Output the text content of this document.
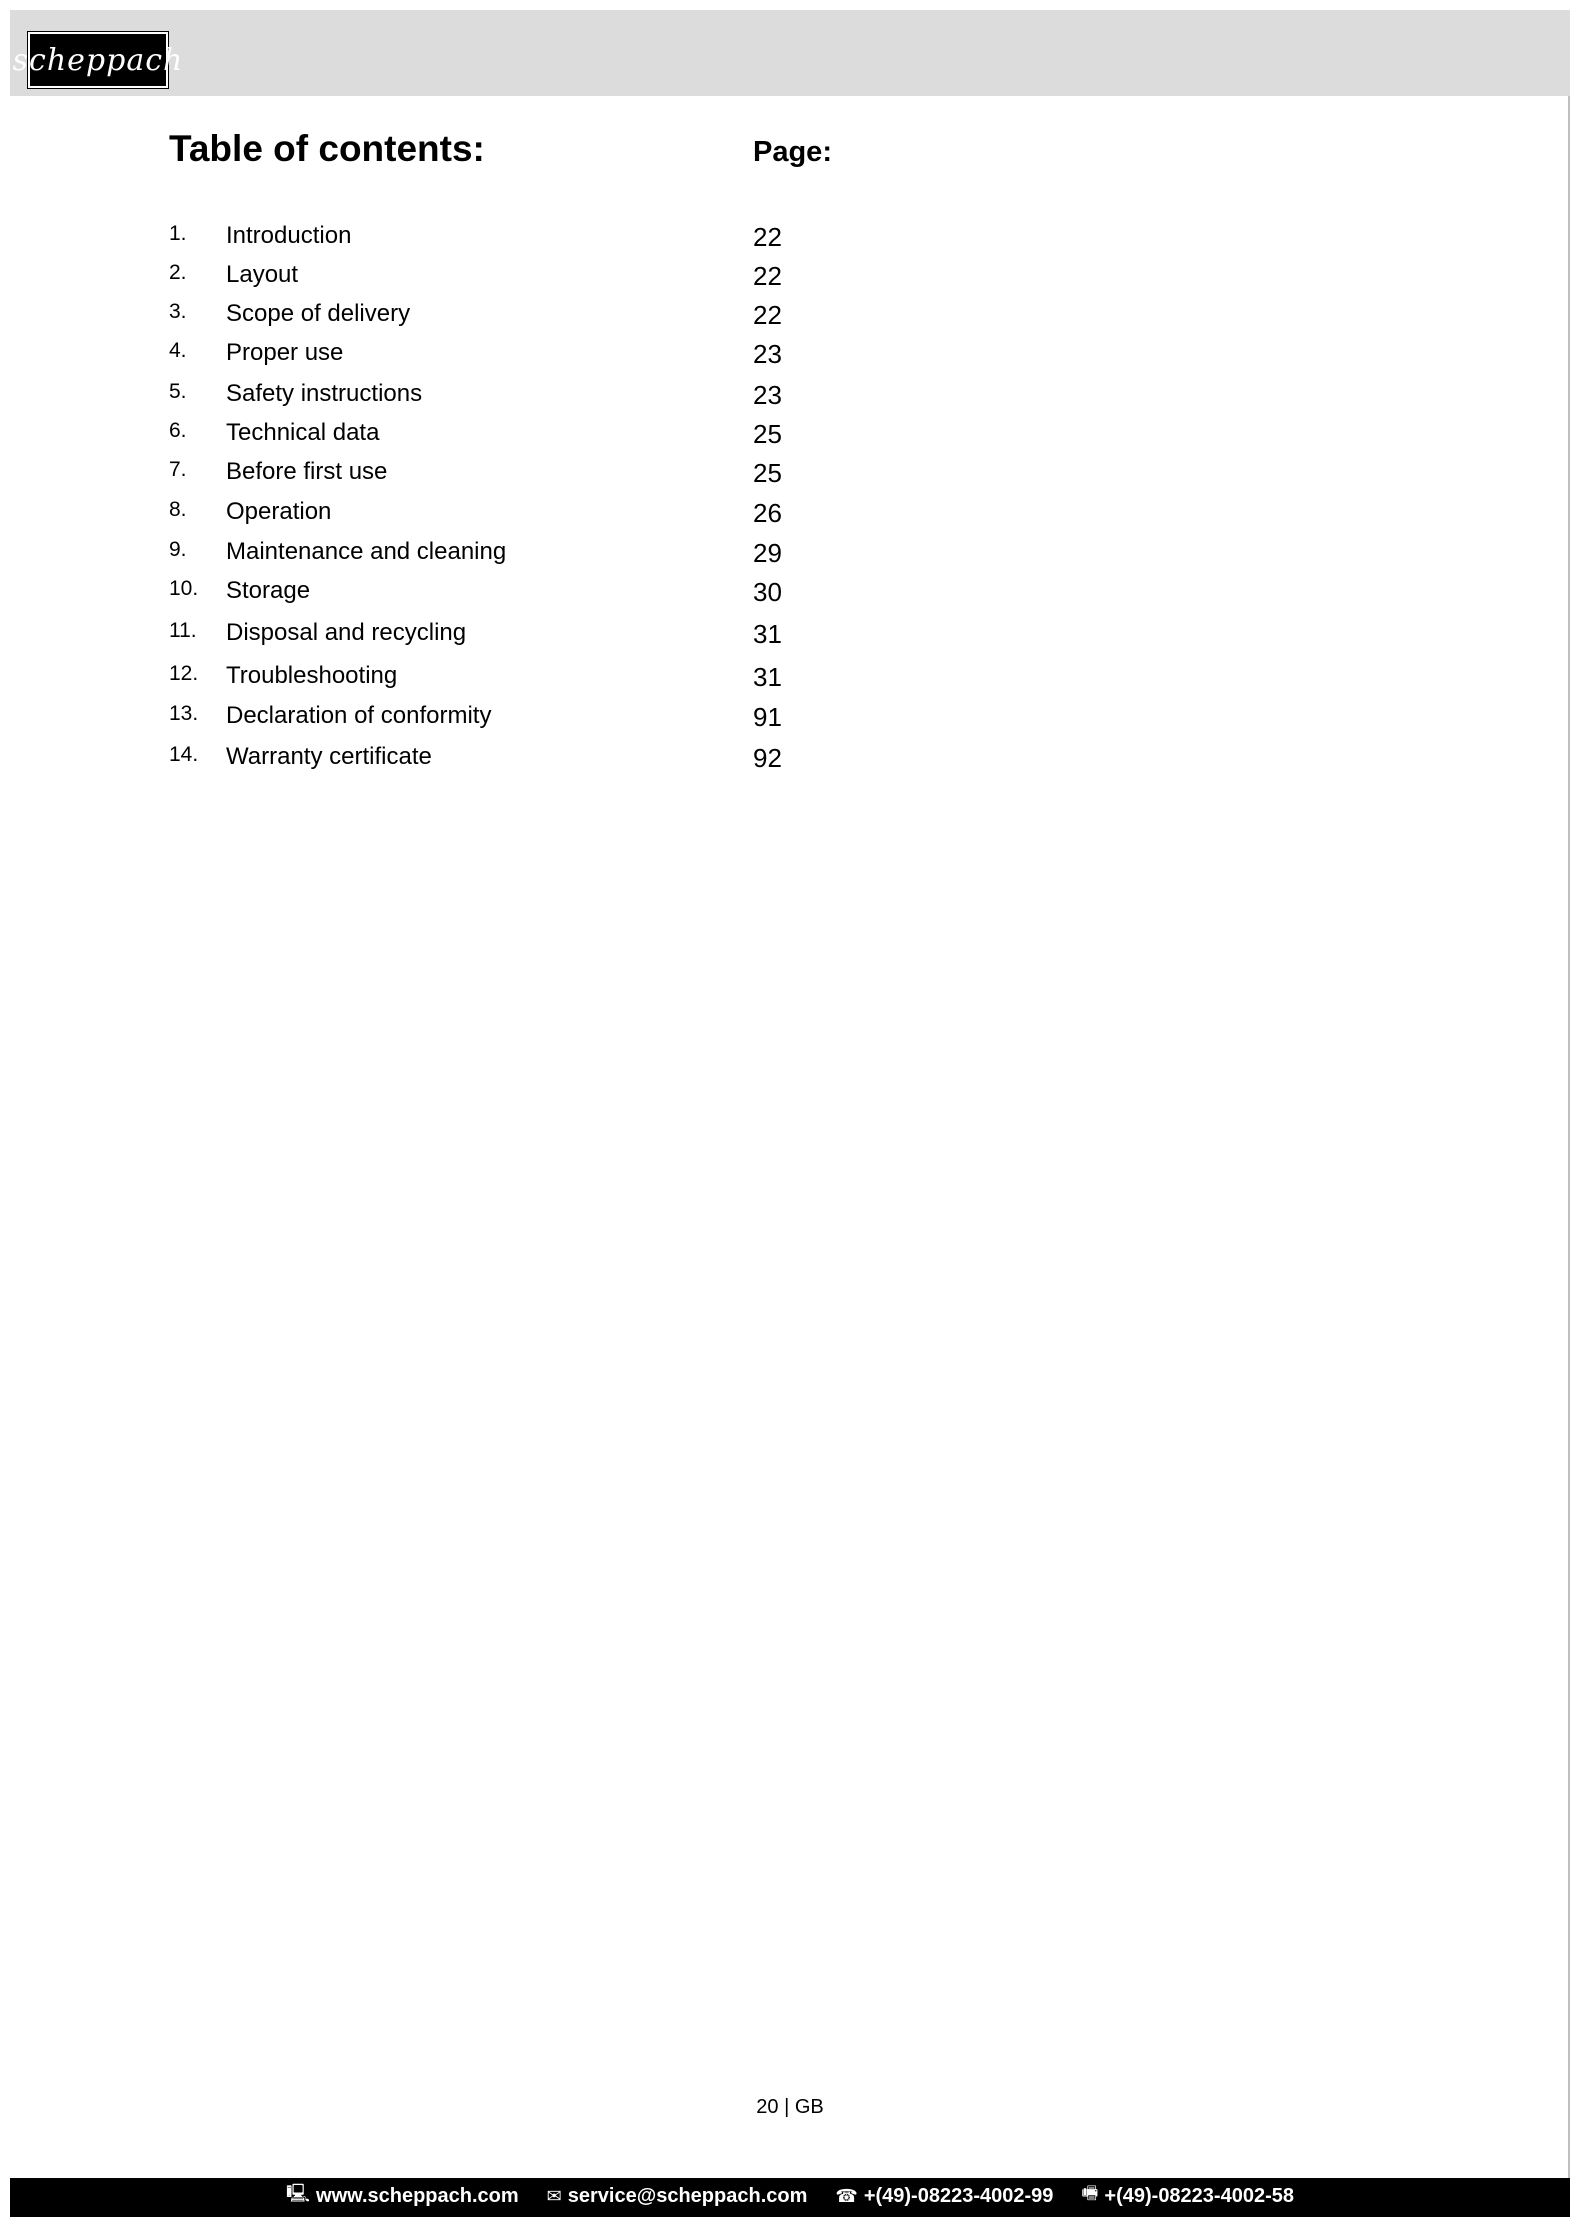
scheppach
Table of contents:	Page:
1. Introduction	22
2. Layout	22
3. Scope of delivery	22
4. Proper use	23
5. Safety instructions	23
6. Technical data	25
7. Before first use	25
8. Operation	26
9. Maintenance and cleaning	29
10. Storage	30
11. Disposal and recycling	31
12. Troubleshooting	31
13. Declaration of conformity	91
14. Warranty certificate	92
20 | GB
🖳 www.scheppach.com ✉ service@scheppach.com ☎ +(49)-08223-4002-99 🖷 +(49)-08223-4002-58
